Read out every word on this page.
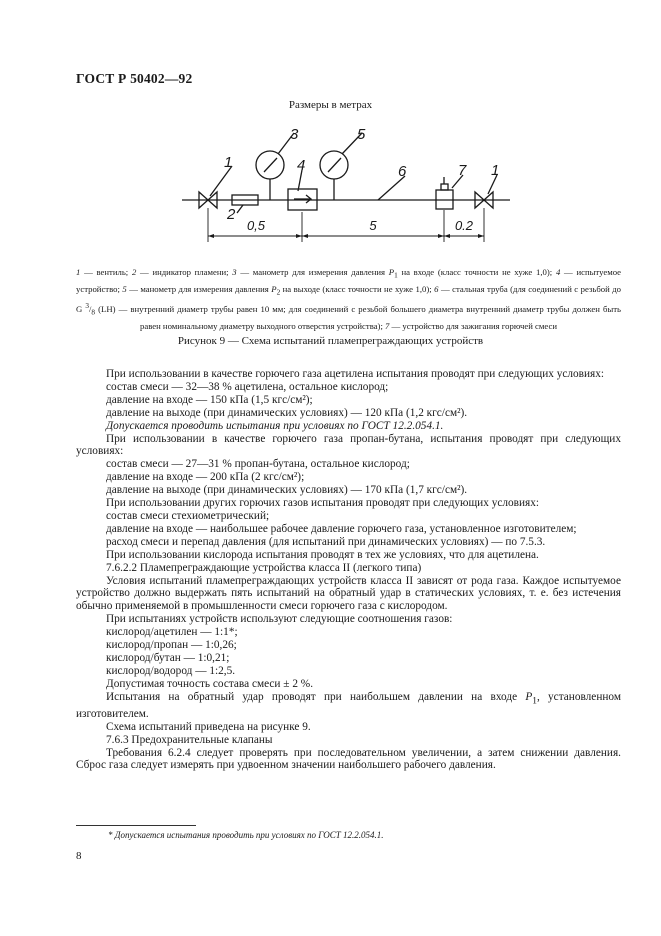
ГОСТ Р 50402—92
Размеры в метрах
1
2
3
4
5
6	7 1
0,5	5	0.2
1 — вентиль; 2 — индикатор пламени; 3 — манометр для измерения давления $P_1$ на входе (класс точности не хуже 1,0); 4 — испытуемое устройство; 5 — манометр для измерения давления $P_2$ на выходе (класс точности не хуже 1,0); 6 — стальная труба (для соединений с резьбой до G $^3/_8$ (LH) — внутренний диаметр трубы равен 10 мм; для соединений с резьбой большего диаметра внутренний диаметр трубы должен быть равен номинальному диаметру выходного отверстия устройства); 7 — устройство для зажигания горючей смеси
Рисунок 9 — Схема испытаний пламепреграждающих устройств

При использовании в качестве горючего газа ацетилена испытания проводят при следующих условиях:

состав смеси — 32—38 % ацетилена, остальное кислород;

давление на входе — 150 кПа (1,5 кгс/см²);

давление на выходе (при динамических условиях) — 120 кПа (1,2 кгс/см²).

Допускается проводить испытания при условиях по ГОСТ 12.2.054.1.

При использовании в качестве горючего газа пропан-бутана, испытания проводят при следующих условиях:

состав смеси — 27—31 % пропан-бутана, остальное кислород;

давление на входе — 200 кПа (2 кгс/см²);

давление на выходе (при динамических условиях) — 170 кПа (1,7 кгс/см²).

При использовании других горючих газов испытания проводят при следующих условиях:

состав смеси стехиометрический;

давление на входе — наибольшее рабочее давление горючего газа, установленное изготовителем;

расход смеси и перепад давления (для испытаний при динамических условиях) — по 7.5.3.

При использовании кислорода испытания проводят в тех же условиях, что для ацетилена.

7.6.2.2 Пламепреграждающие устройства класса II (легкого типа)

Условия испытаний пламепреграждающих устройств класса II зависят от рода газа. Каждое испытуемое устройство должно выдержать пять испытаний на обратный удар в статических условиях, т. е. без истечения обычно применяемой в промышленности смеси горючего газа с кислородом.

При испытаниях устройств используют следующие соотношения газов:

кислород/ацетилен — 1:1*;

кислород/пропан — 1:0,26;

кислород/бутан — 1:0,21;

кислород/водород — 1:2,5.

Допустимая точность состава смеси ± 2 %.

Испытания на обратный удар проводят при наибольшем давлении на входе $P_1$, установленном изготовителем.

Схема испытаний приведена на рисунке 9.

7.6.3 Предохранительные клапаны

Требования 6.2.4 следует проверять при последовательном увеличении, а затем снижении давления. Сброс газа следует измерять при удвоенном значении наибольшего рабочего давления.

* Допускается испытания проводить при условиях по ГОСТ 12.2.054.1.
8
